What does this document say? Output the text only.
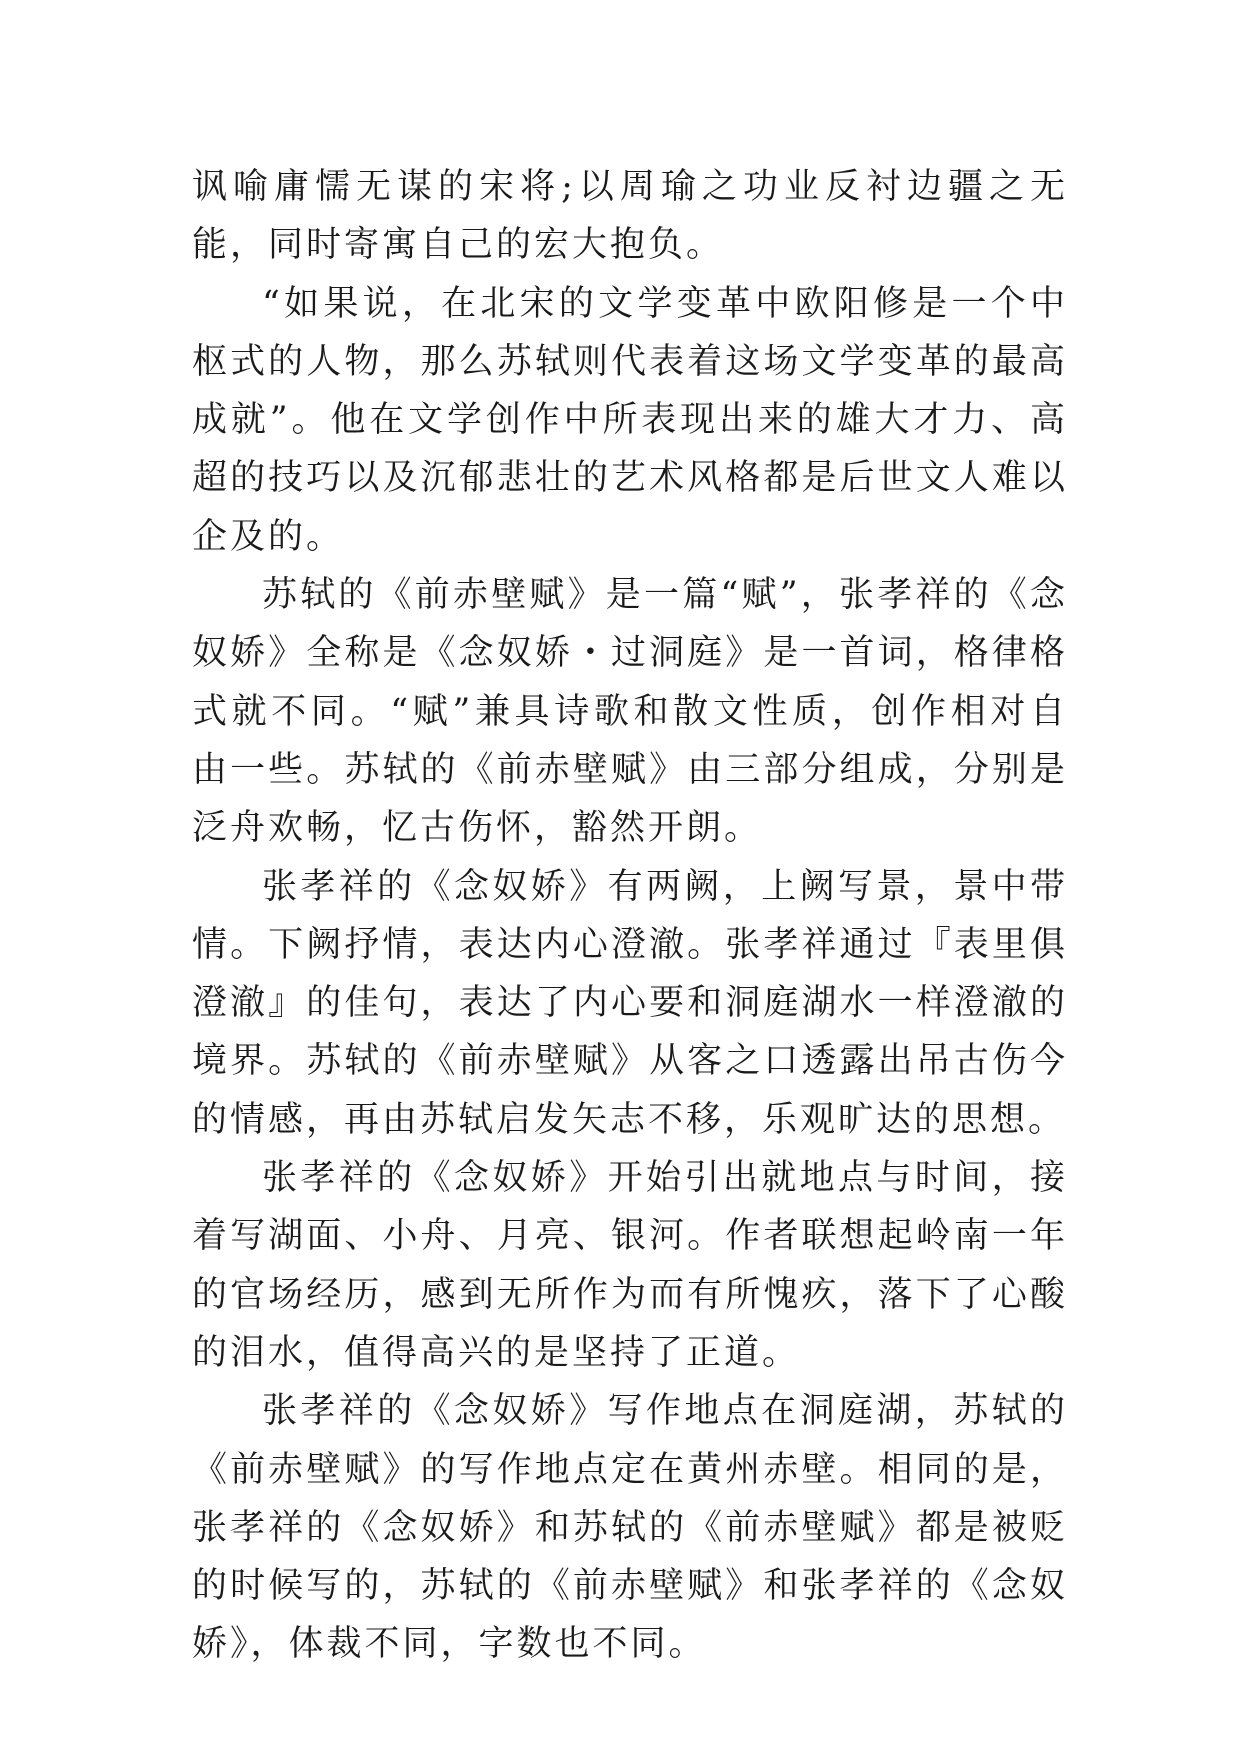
讽喻庸懦无谋的宋将;以周瑜之功业反衬边疆之无能，同时寄寓自己的宏大抱负。

“如果说，在北宋的文学变革中欧阳修是一个中枢式的人物，那么苏轼则代表着这场文学变革的最高成就”。他在文学创作中所表现出来的雄大才力、高超的技巧以及沉郁悲壮的艺术风格都是后世文人难以企及的。

苏轼的《前赤壁赋》是一篇“赋”，张孝祥的《念奴娇》全称是《念奴娇・过洞庭》是一首词，格律格式就不同。“赋”兼具诗歌和散文性质，创作相对自由一些。苏轼的《前赤壁赋》由三部分组成，分别是泛舟欢畅，忆古伤怀，豁然开朗。

张孝祥的《念奴娇》有两阙，上阙写景，景中带情。下阙抒情，表达内心澄澈。张孝祥通过『表里俱澄澈』的佳句，表达了内心要和洞庭湖水一样澄澈的境界。苏轼的《前赤壁赋》从客之口透露出吊古伤今的情感，再由苏轼启发矢志不移，乐观旷达的思想。

张孝祥的《念奴娇》开始引出就地点与时间，接着写湖面、小舟、月亮、银河。作者联想起岭南一年的官场经历，感到无所作为而有所愧疚，落下了心酸的泪水，值得高兴的是坚持了正道。

张孝祥的《念奴娇》写作地点在洞庭湖，苏轼的《前赤壁赋》的写作地点定在黄州赤壁。相同的是，张孝祥的《念奴娇》和苏轼的《前赤壁赋》都是被贬的时候写的，苏轼的《前赤壁赋》和张孝祥的《念奴娇》，体裁不同，字数也不同。
